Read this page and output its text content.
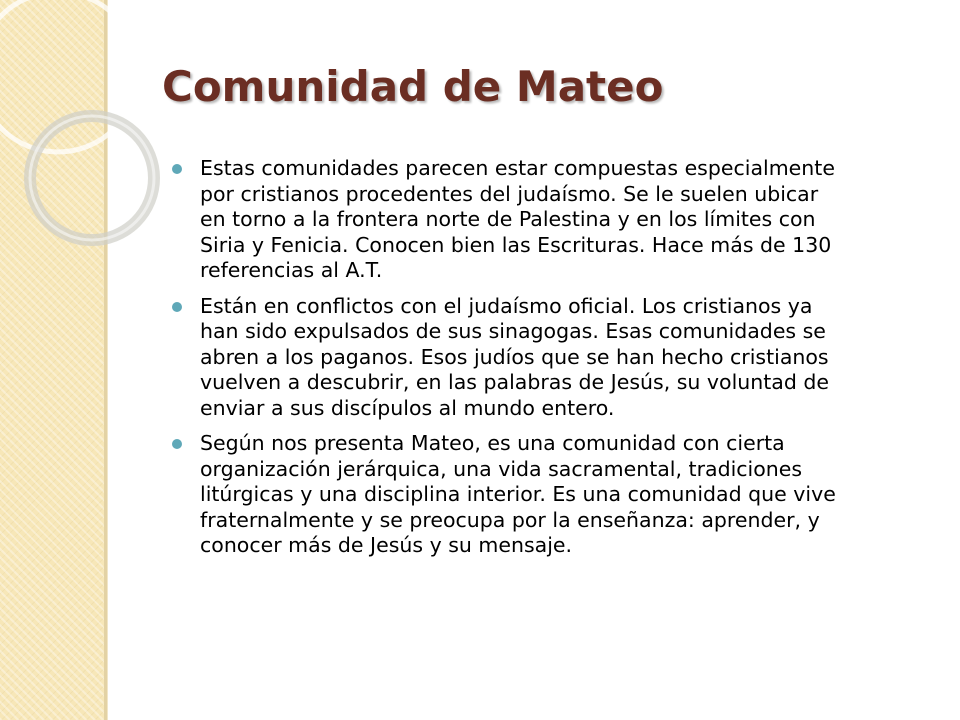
Comunidad de Mateo
Estas comunidades parecen estar compuestas especialmente
por cristianos procedentes del judaísmo. Se le suelen ubicar
en torno a la frontera norte de Palestina y en los límites con
Siria y Fenicia. Conocen bien las Escrituras. Hace más de 130
referencias al A.T.
Están en conflictos con el judaísmo oficial. Los cristianos ya
han sido expulsados de sus sinagogas. Esas comunidades se
abren a los paganos. Esos judíos que se han hecho cristianos
vuelven a descubrir, en las palabras de Jesús, su voluntad de
enviar a sus discípulos al mundo entero.
Según nos presenta Mateo, es una comunidad con cierta
organización jerárquica, una vida sacramental, tradiciones
litúrgicas y una disciplina interior. Es una comunidad que vive
fraternalmente y se preocupa por la enseñanza: aprender, y
conocer más de Jesús y su mensaje.
